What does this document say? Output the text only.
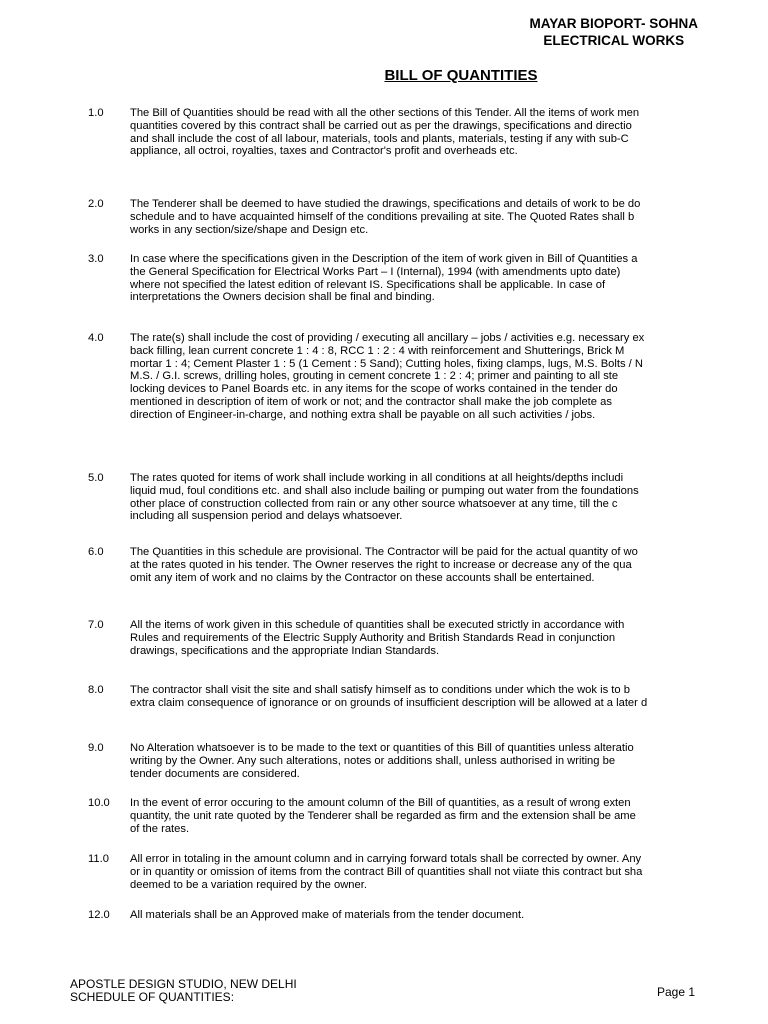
MAYAR BIOPORT- SOHNA
ELECTRICAL WORKS
BILL OF QUANTITIES
1.0 The Bill of Quantities should be read with all the other sections of this Tender. All the items of work men
quantities covered by this contract shall be carried out as per the drawings, specifications and directio
and shall include the cost of all labour, materials, tools and plants, materials, testing if any with sub-C
appliance, all octroi, royalties, taxes and Contractor's profit and overheads etc.
2.0 The Tenderer shall be deemed to have studied the drawings, specifications and details of work to be do
schedule and to have acquainted himself of the conditions prevailing at site. The Quoted Rates shall b
works in any section/size/shape and Design etc.
3.0 In case where the specifications given in the Description of the item of work given in Bill of Quantities a
the General Specification for Electrical Works Part – I (Internal), 1994 (with amendments upto date)
where not specified the latest edition of relevant IS. Specifications shall be applicable. In case of
interpretations the Owners decision shall be final and binding.
4.0 The rate(s) shall include the cost of providing / executing all ancillary – jobs / activities e.g. necessary ex
back filling, lean current concrete 1 : 4 : 8, RCC 1 : 2 : 4 with reinforcement and Shutterings, Brick M
mortar 1 : 4; Cement Plaster 1 : 5 (1 Cement : 5 Sand); Cutting holes, fixing clamps, lugs, M.S. Bolts / N
M.S. / G.I. screws, drilling holes, grouting in cement concrete 1 : 2 : 4; primer and painting to all ste
locking devices to Panel Boards etc. in any items for the scope of works contained in the tender do
mentioned in description of item of work or not; and the contractor shall make the job complete as
direction of Engineer-in-charge, and nothing extra shall be payable on all such activities / jobs.
5.0 The rates quoted for items of work shall include working in all conditions at all heights/depths includi
liquid mud, foul conditions etc. and shall also include bailing or pumping out water from the foundations
other place of construction collected from rain or any other source whatsoever at any time, till the c
including all suspension period and delays whatsoever.
6.0 The Quantities in this schedule are provisional. The Contractor will be paid for the actual quantity of wo
at the rates quoted in his tender. The Owner reserves the right to increase or decrease any of the qua
omit any item of work and no claims by the Contractor on these accounts shall be entertained.
7.0 All the items of work given in this schedule of quantities shall be executed strictly in accordance with
Rules and requirements of the Electric Supply Authority and British Standards Read in conjunction
drawings, specifications and the appropriate Indian Standards.
8.0 The contractor shall visit the site and shall satisfy himself as to conditions under which the wok is to b
extra claim consequence of ignorance or on grounds of insufficient description will be allowed at a later d
9.0 No Alteration whatsoever is to be made to the text or quantities of this Bill of quantities unless alteratio
writing by the Owner. Any such alterations, notes or additions shall, unless authorised in writing be
tender documents are considered.
10.0 In the event of error occuring to the amount column of the Bill of quantities, as a result of wrong exten
quantity, the unit rate quoted by the Tenderer shall be regarded as firm and the extension shall be ame
of the rates.
11.0 All error in totaling in the amount column and in carrying forward totals shall be corrected by owner. Any
or in quantity or omission of items from the contract Bill of quantities shall not viiate this contract but sha
deemed to be a variation required by the owner.
12.0 All materials shall be an Approved make of materials from the tender document.
APOSTLE DESIGN STUDIO, NEW DELHI
SCHEDULE OF QUANTITIES:	Page 1
